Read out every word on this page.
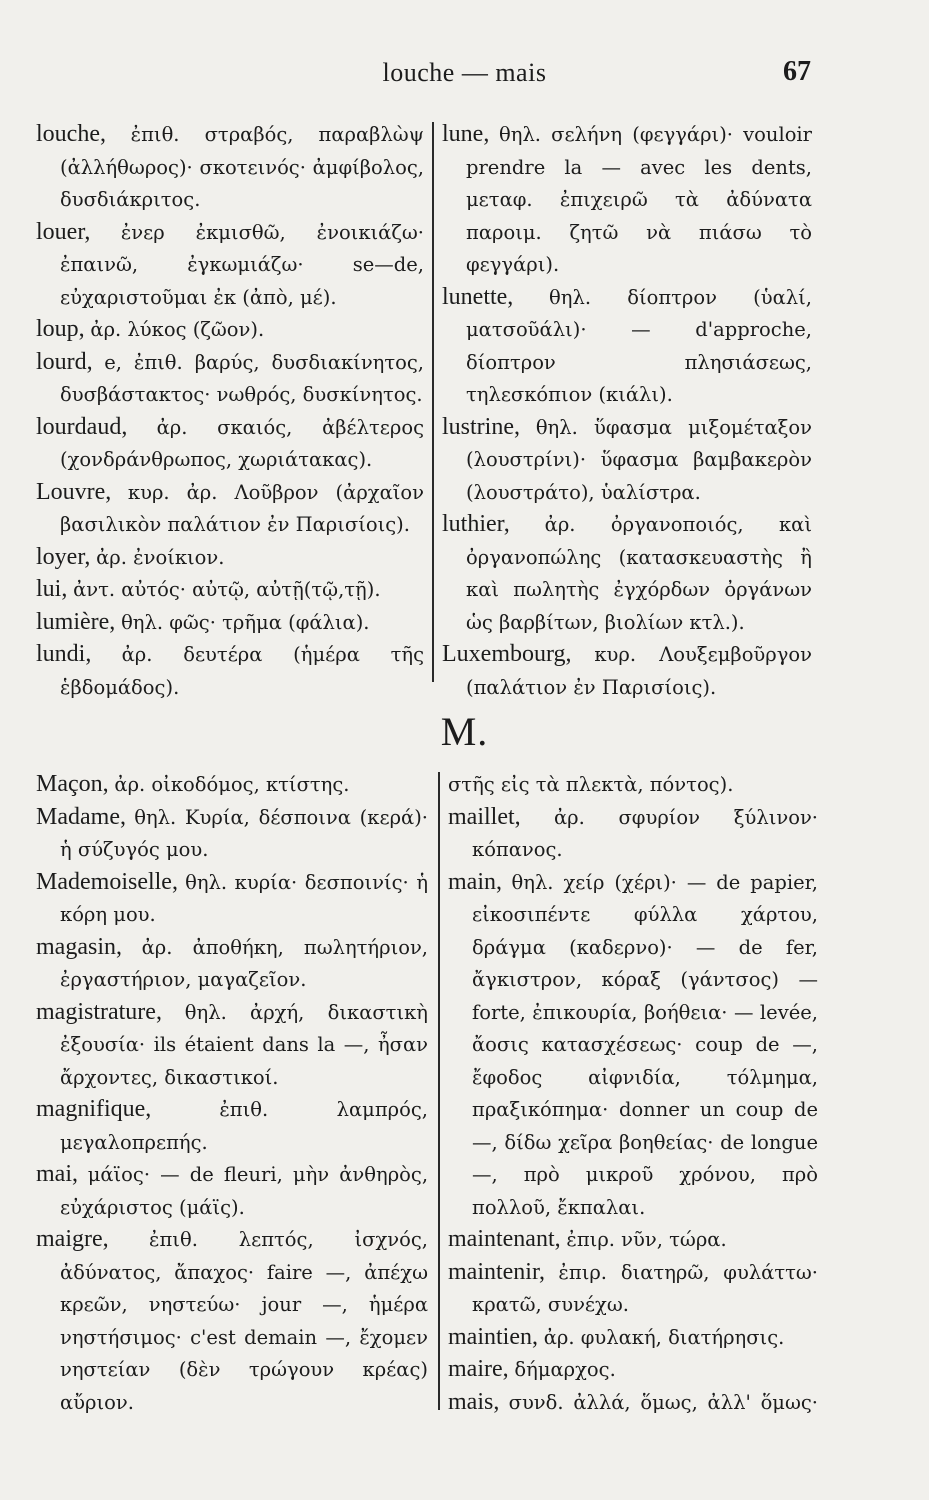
louche — mais	67

louche, ἐπιθ. στραβός, παραβλὼψ (ἀλλήθωρος)· σκοτεινός· ἀμφίβολος, δυσδιάκριτος.

louer, ἐνερ ἐκμισθῶ, ἐνοικιάζω· ἐπαινῶ, ἐγκωμιάζω· se—de, εὐχαριστοῦμαι ἐκ (ἀπὸ, μέ).

loup, ἀρ. λύκος (ζῶον).

lourd, e, ἐπιθ. βαρύς, δυσδιακίνητος, δυσβάστακτος· νωθρός, δυσκίνητος.

lourdaud, ἀρ. σκαιός, ἀβέλτερος (χονδράνθρωπος, χωριάτακας).

Louvre, κυρ. ἀρ. Λοῦβρον (ἀρχαῖον βασιλικὸν παλάτιον ἐν Παρισίοις).

loyer, ἀρ. ἐνοίκιον.

lui, ἀντ. αὐτός· αὐτῷ, αὐτῇ(τῷ,τῇ).

lumière, θηλ. φῶς· τρῆμα (φάλια).

lundi, ἀρ. δευτέρα (ἡμέρα τῆς ἑβδομάδος).

lune, θηλ. σελήνη (φεγγάρι)· vouloir prendre la — avec les dents, μεταφ. ἐπιχειρῶ τὰ ἀδύνατα παροιμ. ζητῶ νὰ πιάσω τὸ φεγγάρι).

lunette, θηλ. δίοπτρον (ὑαλί, ματσοῦάλι)· — d'approche, δίοπτρον πλησιάσεως, τηλεσκόπιον (κιάλι).

lustrine, θηλ. ὕφασμα μιξομέταξον (λουστρίνι)· ὕφασμα βαμβακερὸν (λουστράτο), ὑαλίστρα.

luthier, ἀρ. ὀργανοποιός, καὶ ὀργανοπώλης (κατασκευαστὴς ἢ καὶ πωλητὴς ἐγχόρδων ὀργάνων ὡς βαρβίτων, βιολίων κτλ.).

Luxembourg, κυρ. Λουξεμβοῦργον (παλάτιον ἐν Παρισίοις).

M.

Maçon, ἀρ. οἰκοδόμος, κτίστης.

Madame, θηλ. Κυρία, δέσποινα (κερά)· ἡ σύζυγός μου.

Mademoiselle, θηλ. κυρία· δεσποινίς· ἡ κόρη μου.

magasin, ἀρ. ἀποθήκη, πωλητήριον, ἐργαστήριον, μαγαζεῖον.

magistrature, θηλ. ἀρχή, δικαστικὴ ἐξουσία· ils étaient dans la —, ἦσαν ἄρχοντες, δικαστικοί.

magnifique,	ἐπιθ. λαμπρός, μεγαλοπρεπής.

mai, μάϊος· — de fleuri, μὴν ἀνθηρὸς, εὐχάριστος (μάϊς).

maigre, ἐπιθ. λεπτός, ἰσχνός, ἀδύνατος, ἄπαχος· faire —, ἀπέχω κρεῶν, νηστεύω· jour —, ἡμέρα νηστήσιμος· c'est demain —, ἔχομεν νηστείαν (δὲν τρώγουν κρέας) αὔριον.

στῆς εἰς τὰ πλεκτὰ, πόντος).

maillet, ἀρ. σφυρίον ξύλινον· κόπανος.

main, θηλ. χείρ (χέρι)· — de papier, εἰκοσιπέντε φύλλα χάρτου, δράγμα (καδερνο)· — de fer, ἄγκιστρον, κόραξ (γάντσος) — forte, ἐπικουρία, βοήθεια· — levée, ἄοσις κατασχέσεως· coup de —, ἔφοδος αἰφνιδία, τόλμημα, πραξικόπημα· donner un coup de —, δίδω χεῖρα βοηθείας· de longue —, πρὸ μικροῦ χρόνου, πρὸ πολλοῦ, ἔκπαλαι.

maintenant, ἐπιρ. νῦν, τώρα.

maintenir, ἐπιρ. διατηρῶ, φυλάττω· κρατῶ, συνέχω.

maintien, ἀρ. φυλακή, διατήρησις.

maire, δήμαρχος.

mais, συνδ. ἀλλά, ὅμως, ἀλλ' ὅμως·
